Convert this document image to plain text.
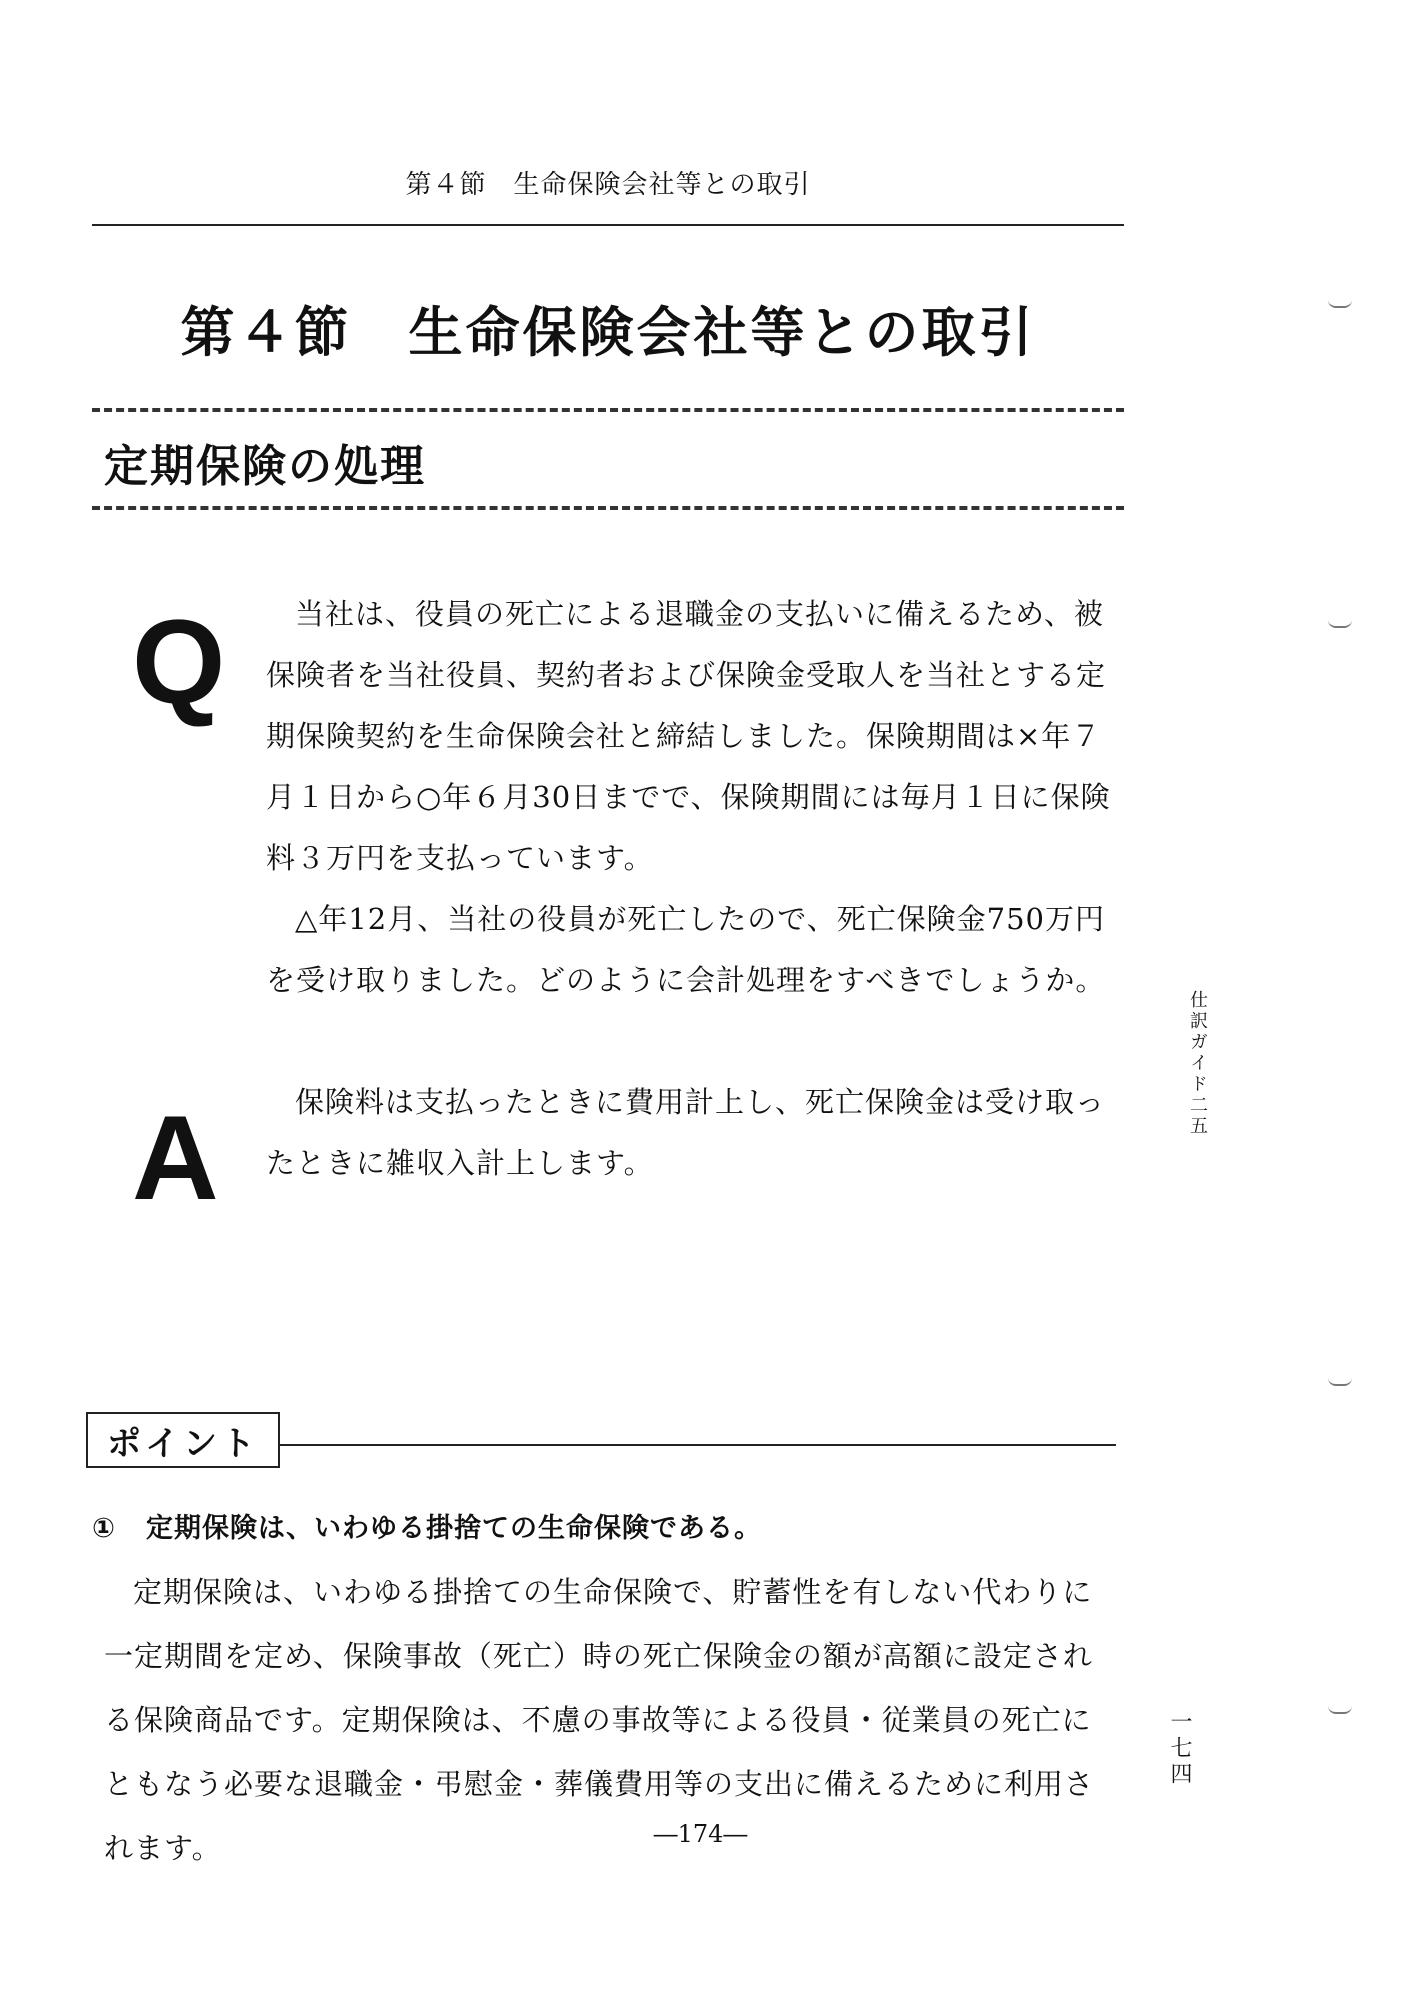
第４節　生命保険会社等との取引
第４節　生命保険会社等との取引
定期保険の処理
Q	当社は、役員の死亡による退職金の支払いに備えるため、被保険者を当社役員、契約者および保険金受取人を当社とする定期保険契約を生命保険会社と締結しました。保険期間は×年７月１日から○年６月30日までで、保険期間には毎月１日に保険料３万円を支払っています。

△年12月、当社の役員が死亡したので、死亡保険金750万円を受け取りました。どのように会計処理をすべきでしょうか。

A	保険料は支払ったときに費用計上し、死亡保険金は受け取ったときに雑収入計上します。

仕訳ガイド二五
ポイント
① 定期保険は、いわゆる掛捨ての生命保険である。

定期保険は、いわゆる掛捨ての生命保険で、貯蓄性を有しない代わりに一定期間を定め、保険事故（死亡）時の死亡保険金の額が高額に設定される保険商品です。定期保険は、不慮の事故等による役員・従業員の死亡にともなう必要な退職金・弔慰金・葬儀費用等の支出に備えるために利用されます。

一七四
―174―
